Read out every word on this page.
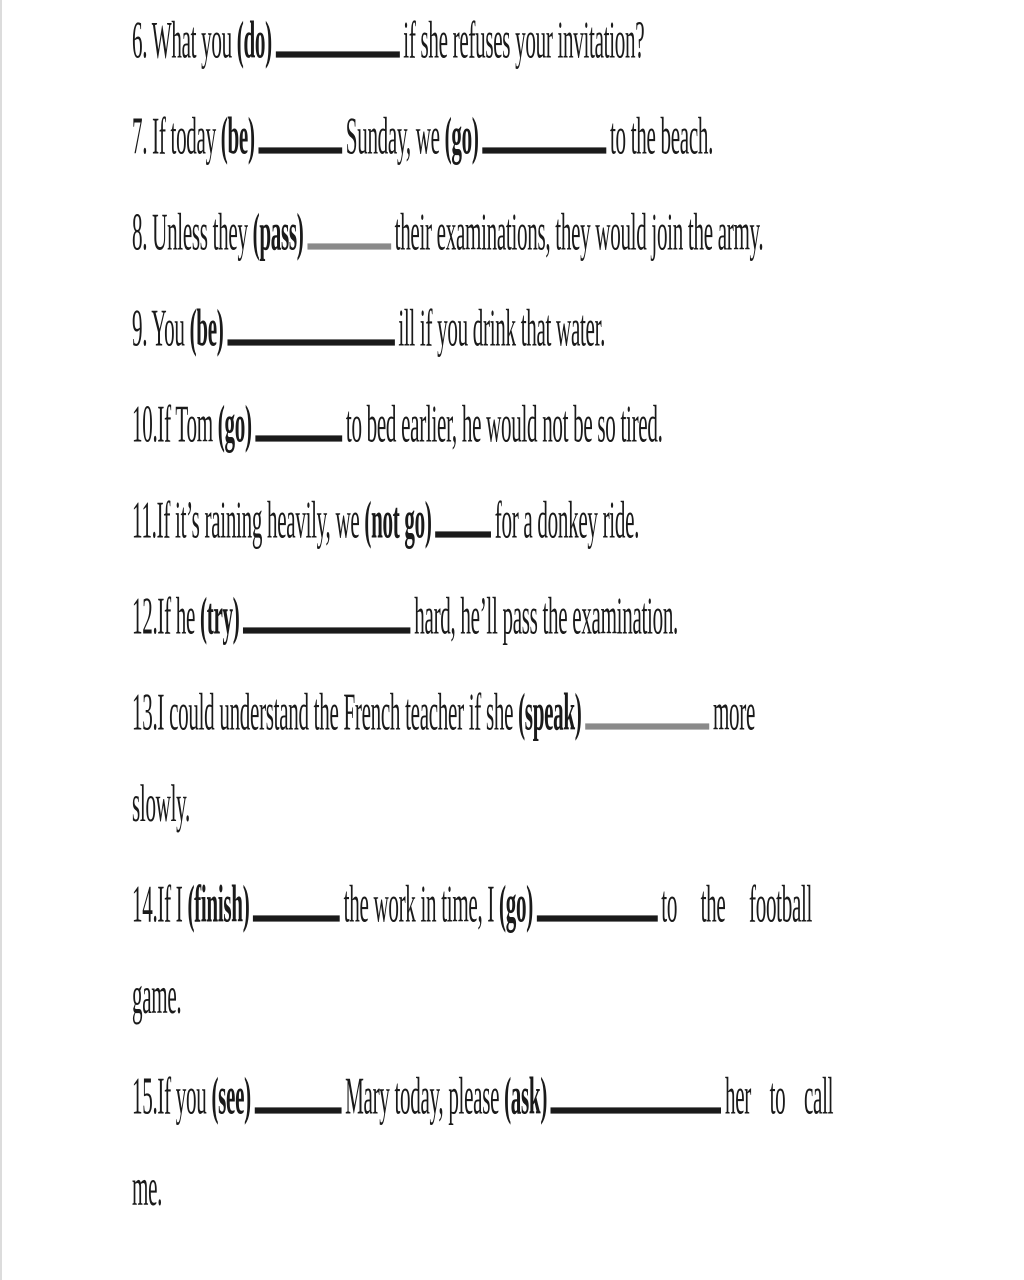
6. What you (do)	if she refuses your invitation?
7. If today (be)	Sunday, we (go)	to the beach.
8. Unless they (pass)	their examinations, they would join the army.
9. You (be)	ill if you drink that water.
10.If Tom (go)	to bed earlier, he would not be so tired.
11.If it’s raining heavily, we (not go) for a donkey ride.
12.If he (try)	hard, he’ll pass the examination.
13.I could understand the French teacher if she (speak)	more
slowly.
14.If I (finish)	the work in time, I (go)	to the football
game.
15.If you (see)	Mary today, please (ask)	her to call
me.
